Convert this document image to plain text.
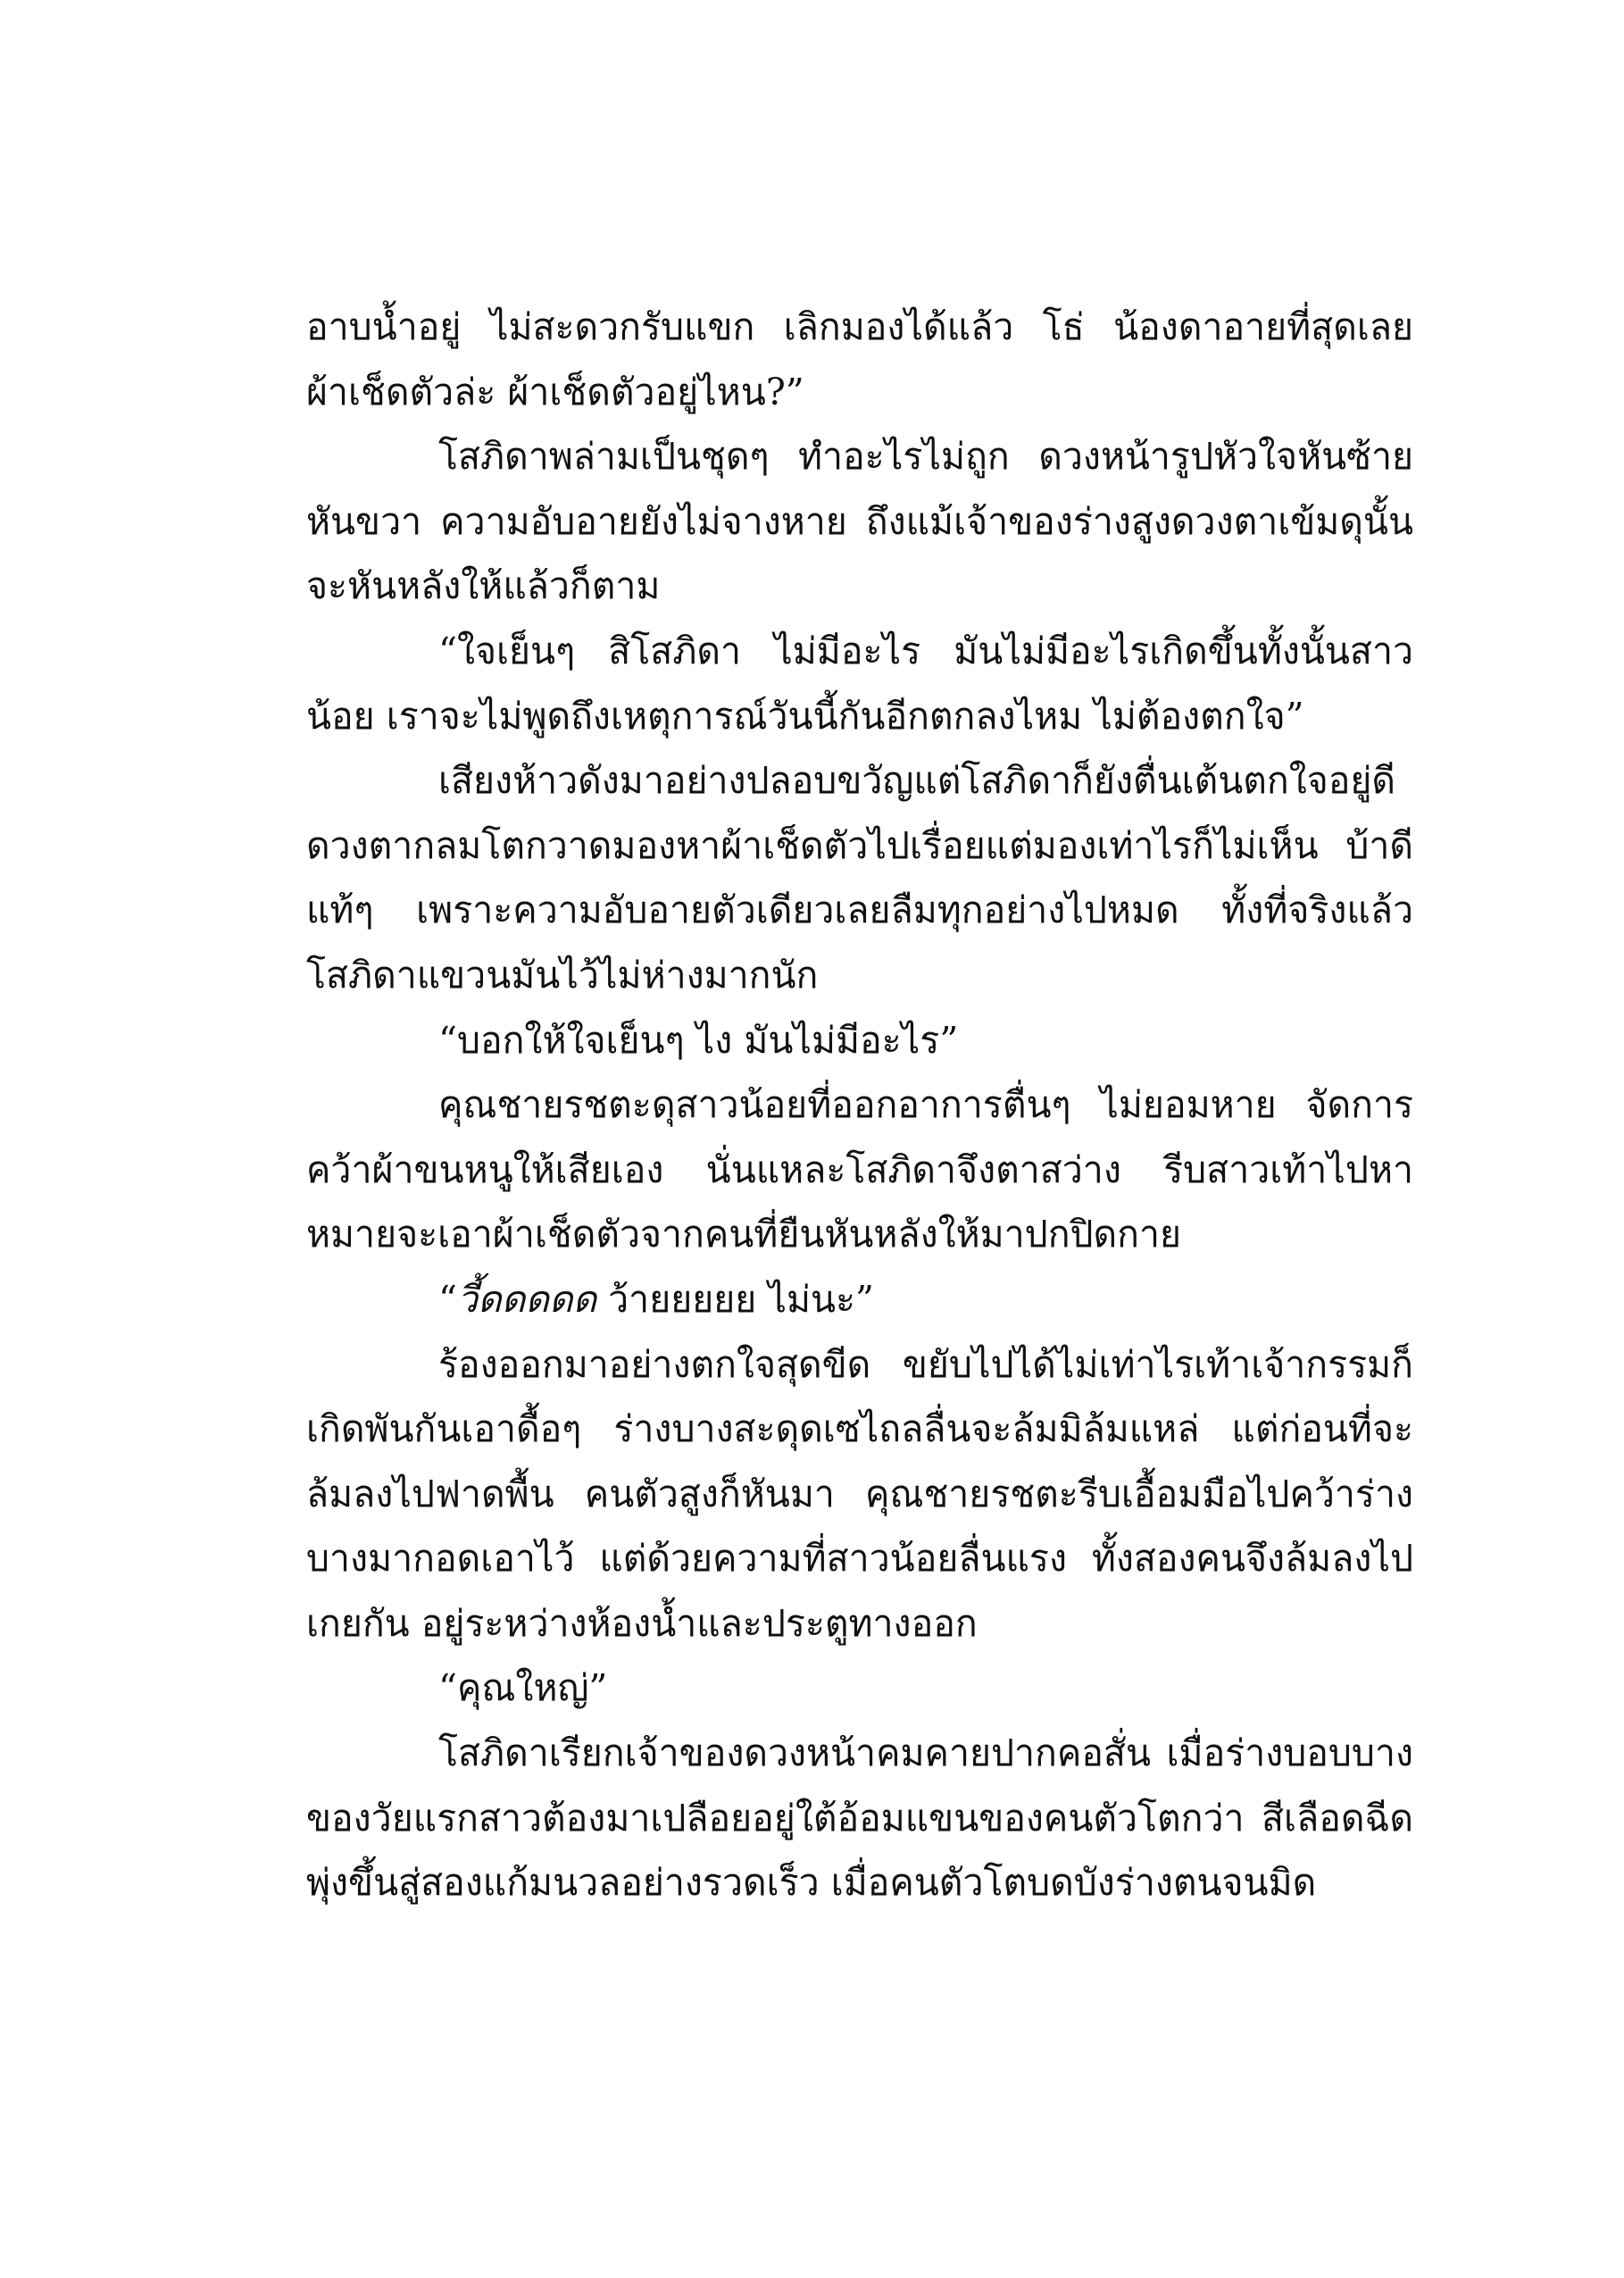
อาบน้ำอยู่ ไม่สะดวกรับแขก เลิกมองได้แล้ว โธ่ น้องดาอายที่สุดเลย ผ้าเช็ดตัวล่ะ ผ้าเช็ดตัวอยู่ไหน?”

โสภิดาพล่ามเป็นชุดๆ ทำอะไรไม่ถูก ดวงหน้ารูปหัวใจหันซ้ายหันขวา ความอับอายยังไม่จางหาย ถึงแม้เจ้าของร่างสูงดวงตาเข้มดุนั้นจะหันหลังให้แล้วก็ตาม

“ใจเย็นๆ สิโสภิดา ไม่มีอะไร มันไม่มีอะไรเกิดขึ้นทั้งนั้นสาวน้อย เราจะไม่พูดถึงเหตุการณ์วันนี้กันอีกตกลงไหม ไม่ต้องตกใจ”

เสียงห้าวดังมาอย่างปลอบขวัญแต่โสภิดาก็ยังตื่นเต้นตกใจอยู่ดี ดวงตากลมโตกวาดมองหาผ้าเช็ดตัวไปเรื่อยแต่มองเท่าไรก็ไม่เห็น บ้าดีแท้ๆ เพราะความอับอายตัวเดียวเลยลืมทุกอย่างไปหมด ทั้งที่จริงแล้วโสภิดาแขวนมันไว้ไม่ห่างมากนัก

“บอกให้ใจเย็นๆ ไง มันไม่มีอะไร”

คุณชายรชตะดุสาวน้อยที่ออกอาการตื่นๆ ไม่ยอมหาย จัดการคว้าผ้าขนหนูให้เสียเอง นั่นแหละโสภิดาจึงตาสว่าง รีบสาวเท้าไปหาหมายจะเอาผ้าเช็ดตัวจากคนที่ยืนหันหลังให้มาปกปิดกาย

“วี้ดดดดด ว้ายยยยย ไม่นะ”

ร้องออกมาอย่างตกใจสุดขีด ขยับไปได้ไม่เท่าไรเท้าเจ้ากรรมก็เกิดพันกันเอาดื้อๆ ร่างบางสะดุดเซไถลลื่นจะล้มมิล้มแหล่ แต่ก่อนที่จะล้มลงไปฟาดพื้น คนตัวสูงก็หันมา คุณชายรชตะรีบเอื้อมมือไปคว้าร่างบางมากอดเอาไว้ แต่ด้วยความที่สาวน้อยลื่นแรง ทั้งสองคนจึงล้มลงไปเกยกัน อยู่ระหว่างห้องน้ำและประตูทางออก

“คุณใหญ่”

โสภิดาเรียกเจ้าของดวงหน้าคมคายปากคอสั่น เมื่อร่างบอบบางของวัยแรกสาวต้องมาเปลือยอยู่ใต้อ้อมแขนของคนตัวโตกว่า สีเลือดฉีดพุ่งขึ้นสู่สองแก้มนวลอย่างรวดเร็ว เมื่อคนตัวโตบดบังร่างตนจนมิด
